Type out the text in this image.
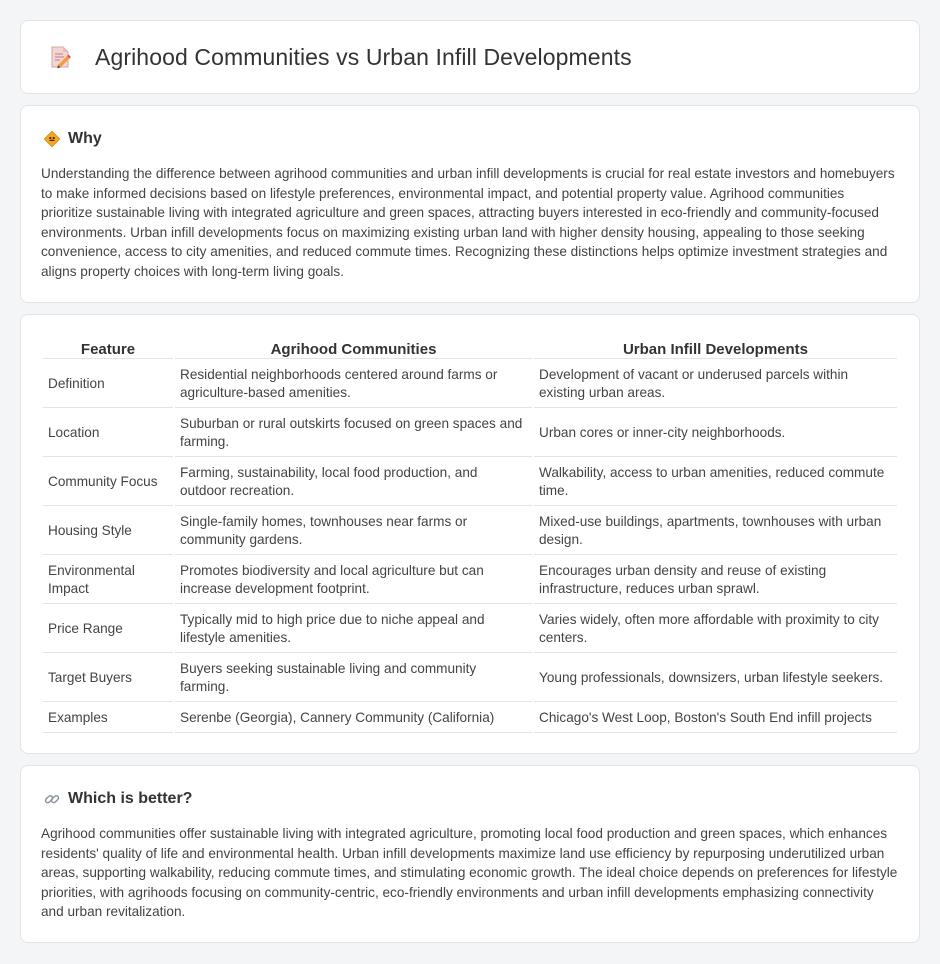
Agrihood Communities vs Urban Infill Developments
Why

Understanding the difference between agrihood communities and urban infill developments is crucial for real estate investors and homebuyers to make informed decisions based on lifestyle preferences, environmental impact, and potential property value. Agrihood communities prioritize sustainable living with integrated agriculture and green spaces, attracting buyers interested in eco-friendly and community-focused environments. Urban infill developments focus on maximizing existing urban land with higher density housing, appealing to those seeking convenience, access to city amenities, and reduced commute times. Recognizing these distinctions helps optimize investment strategies and aligns property choices with long-term living goals.

Feature	Agrihood Communities	Urban Infill Developments
Definition	Residential neighborhoods centered around farms or agriculture-based amenities.	Development of vacant or underused parcels within existing urban areas.
Location	Suburban or rural outskirts focused on green spaces and farming.	Urban cores or inner-city neighborhoods.
Community Focus	Farming, sustainability, local food production, and outdoor recreation.	Walkability, access to urban amenities, reduced commute time.
Housing Style	Single-family homes, townhouses near farms or community gardens.	Mixed-use buildings, apartments, townhouses with urban design.
Environmental Impact	Promotes biodiversity and local agriculture but can increase development footprint.	Encourages urban density and reuse of existing infrastructure, reduces urban sprawl.
Price Range	Typically mid to high price due to niche appeal and lifestyle amenities.	Varies widely, often more affordable with proximity to city centers.
Target Buyers	Buyers seeking sustainable living and community farming.	Young professionals, downsizers, urban lifestyle seekers.
Examples	Serenbe (Georgia), Cannery Community (California)	Chicago's West Loop, Boston's South End infill projects
Which is better?

Agrihood communities offer sustainable living with integrated agriculture, promoting local food production and green spaces, which enhances residents' quality of life and environmental health. Urban infill developments maximize land use efficiency by repurposing underutilized urban areas, supporting walkability, reducing commute times, and stimulating economic growth. The ideal choice depends on preferences for lifestyle priorities, with agrihoods focusing on community-centric, eco-friendly environments and urban infill developments emphasizing connectivity and urban revitalization.
